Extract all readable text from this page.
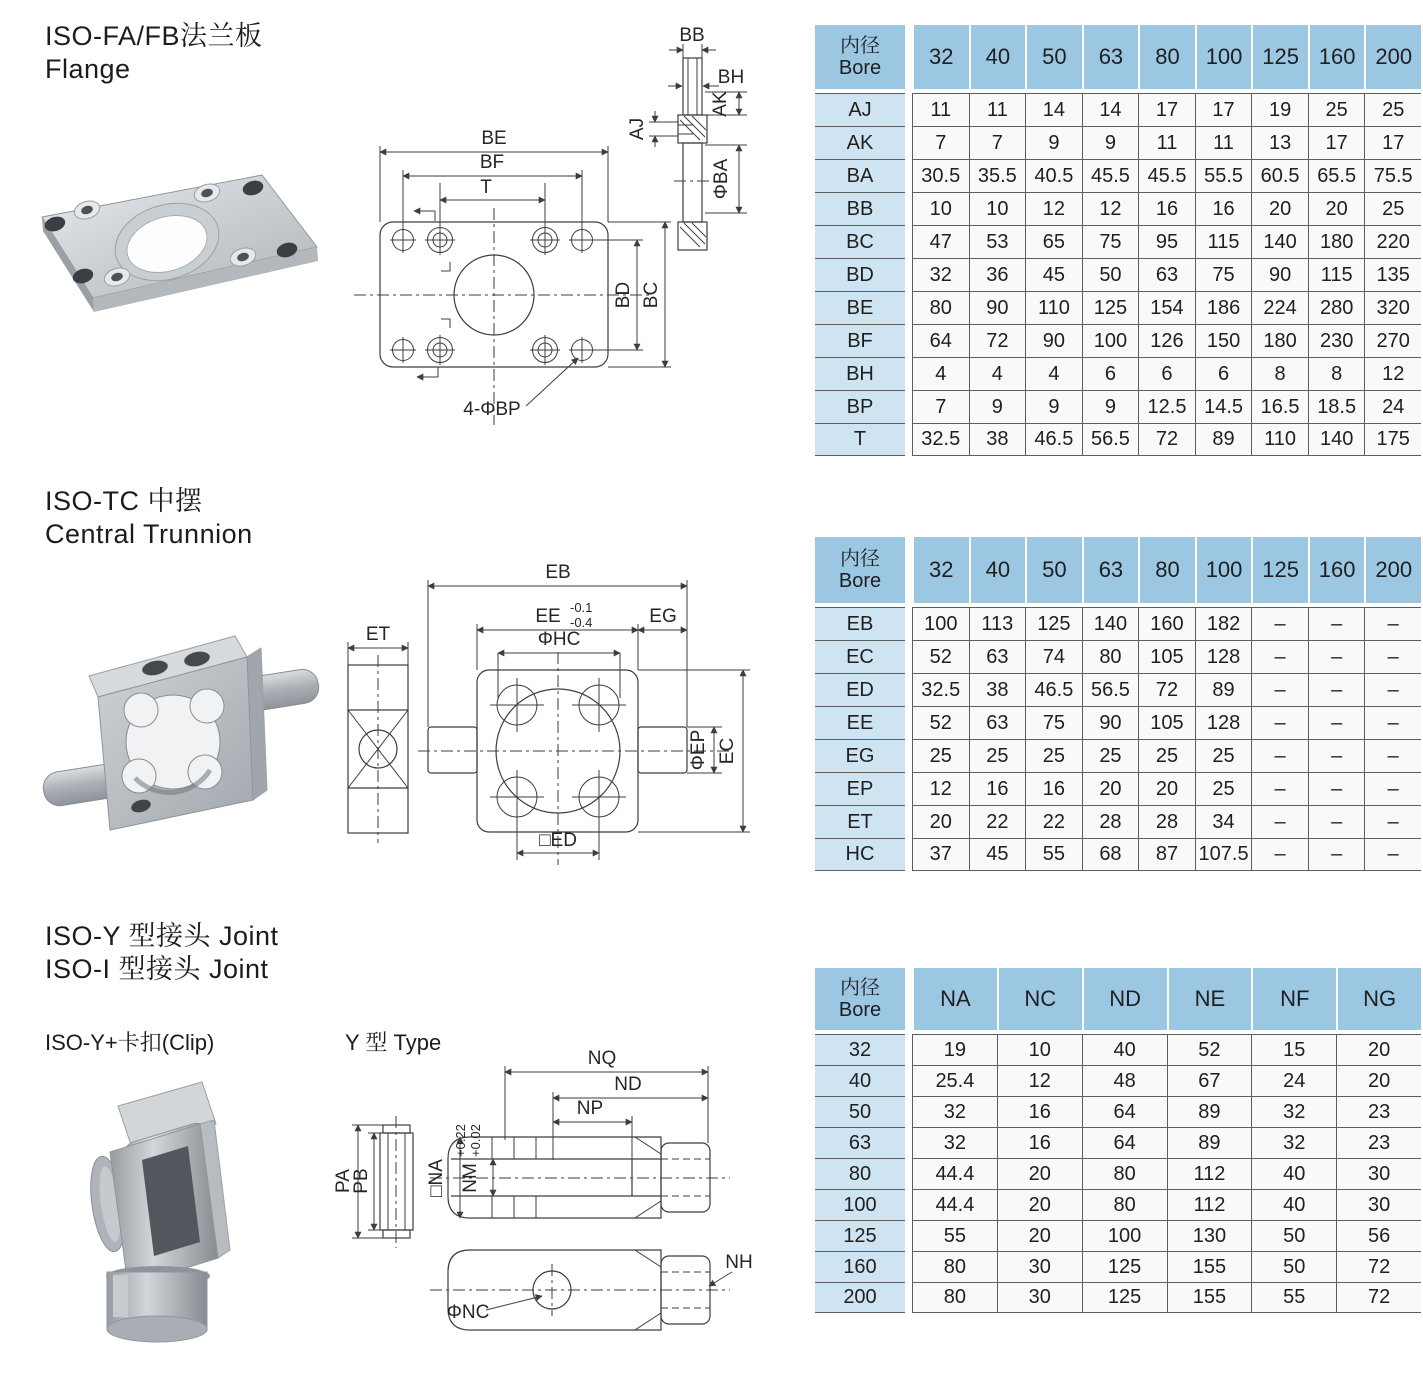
ISO-FA/FB法兰板
Flange
BE
BF
T
BD BC
4-ΦBP
BB
BH
AK
AJ
ΦBA
内径
Bore	32	40	50	63	80	100 125 160 200
AJ	11	11	14	14	17	17	19	25	25
AK	7	7	9	9	11	11	13	17	17
BA	30.5 35.5 40.5 45.5 45.5 55.5 60.5 65.5 75.5
BB	10	10	12	12	16	16	20	20	25
BC	47	53	65	75	95	115	140	180	220
BD	32	36	45	50	63	75	90	115	135
BE	80	90	110	125	154	186	224	280	320
BF	64	72	90	100	126	150	180	230	270
BH	4	4	4	6	6	6	8	8	12
BP	7	9	9	9	12.5 14.5 16.5 18.5	24
T	32.5	38	46.5 56.5	72	89	110	140	175
ISO-TC 中摆
Central Trunnion
ET
EB
EE -0.1
-0.4	EG
ΦHC
ΦEP EC
□ED
内径
Bore	32	40	50	63	80	100 125 160 200
EB	100	113	125	140	160	182	–	–	–
EC	52	63	74	80	105	128	–	–	–
ED	32.5	38	46.5 56.5	72	89	–	–	–
EE	52	63	75	90	105	128	–	–	–
EG	25	25	25	25	25	25	–	–	–
EP	12	16	16	20	20	25	–	–	–
ET	20	22	22	28	28	34	–	–	–
HC	37	45	55	68	87	107.5	–	–	–
ISO-Y 型接头 Joint
ISO-I 型接头 Joint
ISO-Y+卡扣(Clip)	Y 型 Type
PA
PB
NQ
ND
NP
□NA NM
+0.22 +0.02
ΦNC
NH
内径
Bore	NA	NC	ND	NE	NF	NG
32	19	10	40	52	15	20
40	25.4	12	48	67	24	20
50	32	16	64	89	32	23
63	32	16	64	89	32	23
80	44.4	20	80	112	40	30
100	44.4	20	80	112	40	30
125	55	20	100	130	50	56
160	80	30	125	155	50	72
200	80	30	125	155	55	72
